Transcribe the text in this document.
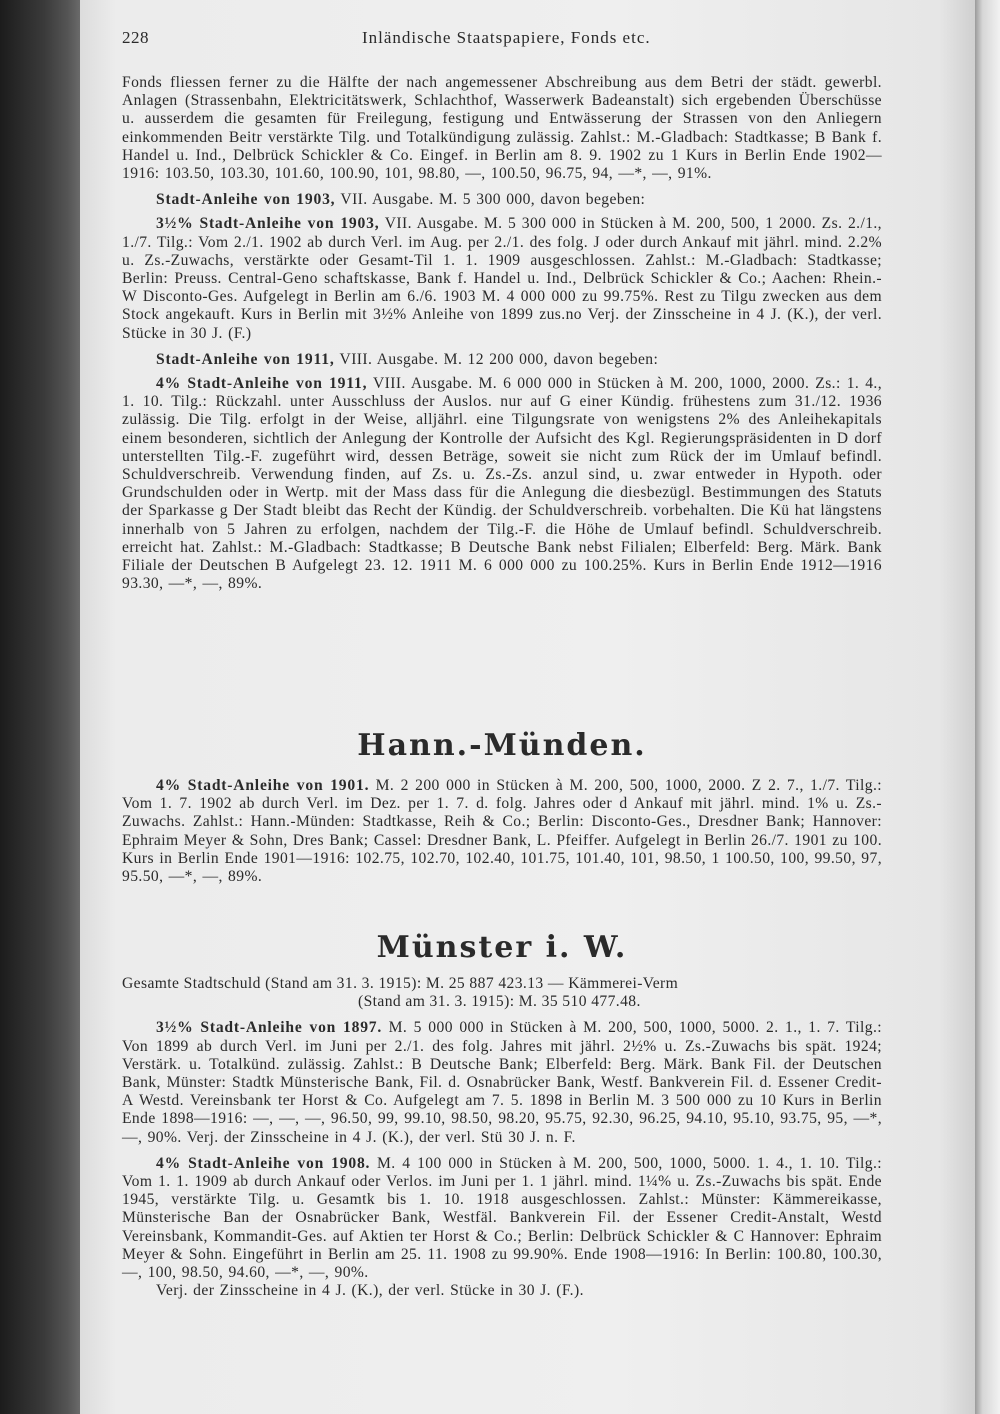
228	Inländische Staatspapiere, Fonds etc.

Fonds fliessen ferner zu die Hälfte der nach angemessener Abschreibung aus dem Betri der städt. gewerbl. Anlagen (Strassenbahn, Elektricitätswerk, Schlachthof, Wasserwerk Badeanstalt) sich ergebenden Überschüsse u. ausserdem die gesamten für Freilegung, festigung und Entwässerung der Strassen von den Anliegern einkommenden Beitr verstärkte Tilg. und Totalkündigung zulässig. Zahlst.: M.-Gladbach: Stadtkasse; B Bank f. Handel u. Ind., Delbrück Schickler & Co. Eingef. in Berlin am 8. 9. 1902 zu 1 Kurs in Berlin Ende 1902—1916: 103.50, 103.30, 101.60, 100.90, 101, 98.80, —, 100.50, 96.75, 94, —*, —, 91%.

Stadt-Anleihe von 1903, VII. Ausgabe. M. 5 300 000, davon begeben:

3½% Stadt-Anleihe von 1903, VII. Ausgabe. M. 5 300 000 in Stücken à M. 200, 500, 1 2000. Zs. 2./1., 1./7. Tilg.: Vom 2./1. 1902 ab durch Verl. im Aug. per 2./1. des folg. J oder durch Ankauf mit jährl. mind. 2.2% u. Zs.-Zuwachs, verstärkte oder Gesamt-Til 1. 1. 1909 ausgeschlossen. Zahlst.: M.-Gladbach: Stadtkasse; Berlin: Preuss. Central-Geno schaftskasse, Bank f. Handel u. Ind., Delbrück Schickler & Co.; Aachen: Rhein.-W Disconto-Ges. Aufgelegt in Berlin am 6./6. 1903 M. 4 000 000 zu 99.75%. Rest zu Tilgu zwecken aus dem Stock angekauft. Kurs in Berlin mit 3½% Anleihe von 1899 zus.no Verj. der Zinsscheine in 4 J. (K.), der verl. Stücke in 30 J. (F.)

Stadt-Anleihe von 1911, VIII. Ausgabe. M. 12 200 000, davon begeben:

4% Stadt-Anleihe von 1911, VIII. Ausgabe. M. 6 000 000 in Stücken à M. 200, 1000, 2000. Zs.: 1. 4., 1. 10. Tilg.: Rückzahl. unter Ausschluss der Auslos. nur auf G einer Kündig. frühestens zum 31./12. 1936 zulässig. Die Tilg. erfolgt in der Weise, alljährl. eine Tilgungsrate von wenigstens 2% des Anleihekapitals einem besonderen, sichtlich der Anlegung der Kontrolle der Aufsicht des Kgl. Regierungspräsidenten in D dorf unterstellten Tilg.-F. zugeführt wird, dessen Beträge, soweit sie nicht zum Rück der im Umlauf befindl. Schuldverschreib. Verwendung finden, auf Zs. u. Zs.-Zs. anzul sind, u. zwar entweder in Hypoth. oder Grundschulden oder in Wertp. mit der Mass dass für die Anlegung die diesbezügl. Bestimmungen des Statuts der Sparkasse g Der Stadt bleibt das Recht der Kündig. der Schuldverschreib. vorbehalten. Die Kü hat längstens innerhalb von 5 Jahren zu erfolgen, nachdem der Tilg.-F. die Höhe de Umlauf befindl. Schuldverschreib. erreicht hat. Zahlst.: M.-Gladbach: Stadtkasse; B Deutsche Bank nebst Filialen; Elberfeld: Berg. Märk. Bank Filiale der Deutschen B Aufgelegt 23. 12. 1911 M. 6 000 000 zu 100.25%. Kurs in Berlin Ende 1912—1916 93.30, —*, —, 89%.

Hann.-Münden.

4% Stadt-Anleihe von 1901. M. 2 200 000 in Stücken à M. 200, 500, 1000, 2000. Z 2. 7., 1./7. Tilg.: Vom 1. 7. 1902 ab durch Verl. im Dez. per 1. 7. d. folg. Jahres oder d Ankauf mit jährl. mind. 1% u. Zs.-Zuwachs. Zahlst.: Hann.-Münden: Stadtkasse, Reih & Co.; Berlin: Disconto-Ges., Dresdner Bank; Hannover: Ephraim Meyer & Sohn, Dres Bank; Cassel: Dresdner Bank, L. Pfeiffer. Aufgelegt in Berlin 26./7. 1901 zu 100. Kurs in Berlin Ende 1901—1916: 102.75, 102.70, 102.40, 101.75, 101.40, 101, 98.50, 1 100.50, 100, 99.50, 97, 95.50, —*, —, 89%.

Münster i. W.

Gesamte Stadtschuld (Stand am 31. 3. 1915): M. 25 887 423.13 — Kämmerei-Verm

(Stand am 31. 3. 1915): M. 35 510 477.48.

3½% Stadt-Anleihe von 1897. M. 5 000 000 in Stücken à M. 200, 500, 1000, 5000. 2. 1., 1. 7. Tilg.: Von 1899 ab durch Verl. im Juni per 2./1. des folg. Jahres mit jährl. 2½% u. Zs.-Zuwachs bis spät. 1924; Verstärk. u. Totalkünd. zulässig. Zahlst.: B Deutsche Bank; Elberfeld: Berg. Märk. Bank Fil. der Deutschen Bank, Münster: Stadtk Münsterische Bank, Fil. d. Osnabrücker Bank, Westf. Bankverein Fil. d. Essener Credit-A Westd. Vereinsbank ter Horst & Co. Aufgelegt am 7. 5. 1898 in Berlin M. 3 500 000 zu 10 Kurs in Berlin Ende 1898—1916: —, —, —, 96.50, 99, 99.10, 98.50, 98.20, 95.75, 92.30, 96.25, 94.10, 95.10, 93.75, 95, —*, —, 90%. Verj. der Zinsscheine in 4 J. (K.), der verl. Stü 30 J. n. F.

4% Stadt-Anleihe von 1908. M. 4 100 000 in Stücken à M. 200, 500, 1000, 5000. 1. 4., 1. 10. Tilg.: Vom 1. 1. 1909 ab durch Ankauf oder Verlos. im Juni per 1. 1 jährl. mind. 1¼% u. Zs.-Zuwachs bis spät. Ende 1945, verstärkte Tilg. u. Gesamtk bis 1. 10. 1918 ausgeschlossen. Zahlst.: Münster: Kämmereikasse, Münsterische Ban der Osnabrücker Bank, Westfäl. Bankverein Fil. der Essener Credit-Anstalt, Westd Vereinsbank, Kommandit-Ges. auf Aktien ter Horst & Co.; Berlin: Delbrück Schickler & C Hannover: Ephraim Meyer & Sohn. Eingeführt in Berlin am 25. 11. 1908 zu 99.90%. Ende 1908—1916: In Berlin: 100.80, 100.30, —, 100, 98.50, 94.60, —*, —, 90%.

Verj. der Zinsscheine in 4 J. (K.), der verl. Stücke in 30 J. (F.).
